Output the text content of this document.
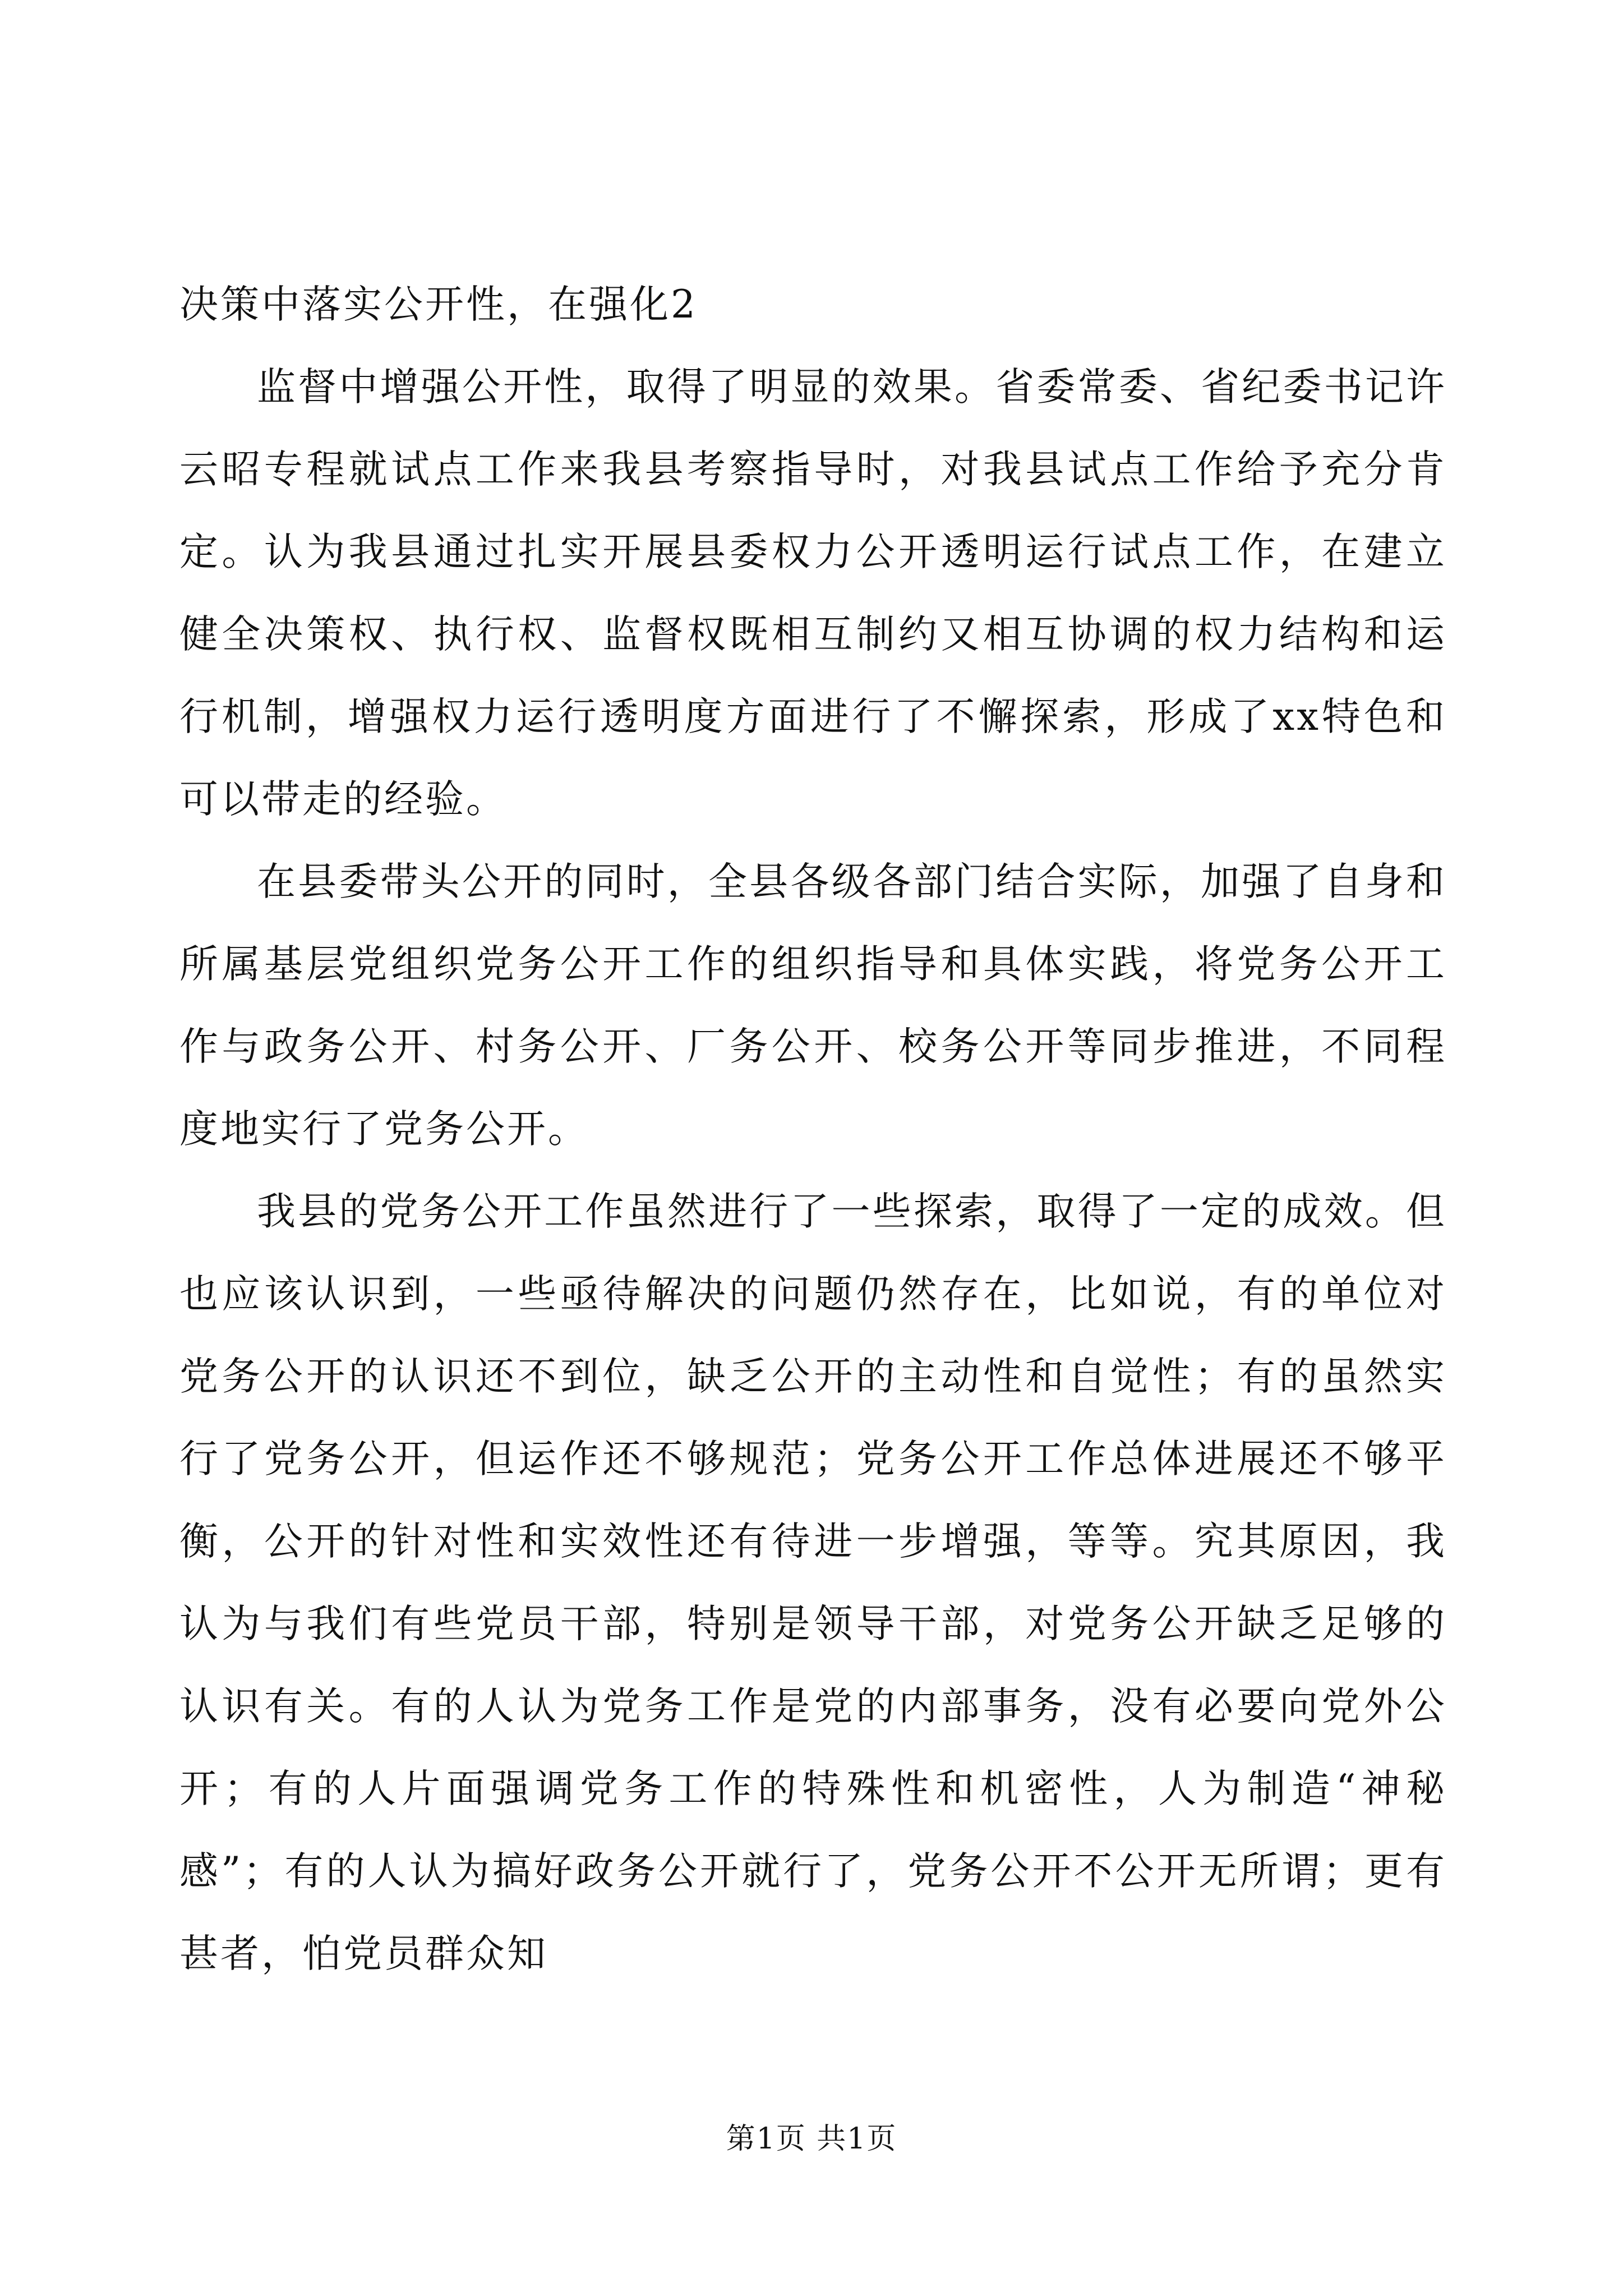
决策中落实公开性，在强化2

监督中增强公开性，取得了明显的效果。省委常委、省纪委书记许云昭专程就试点工作来我县考察指导时，对我县试点工作给予充分肯定。认为我县通过扎实开展县委权力公开透明运行试点工作，在建立健全决策权、执行权、监督权既相互制约又相互协调的权力结构和运行机制，增强权力运行透明度方面进行了不懈探索，形成了xx特色和可以带走的经验。

在县委带头公开的同时，全县各级各部门结合实际，加强了自身和所属基层党组织党务公开工作的组织指导和具体实践，将党务公开工作与政务公开、村务公开、厂务公开、校务公开等同步推进，不同程度地实行了党务公开。

我县的党务公开工作虽然进行了一些探索，取得了一定的成效。但也应该认识到，一些亟待解决的问题仍然存在，比如说，有的单位对党务公开的认识还不到位，缺乏公开的主动性和自觉性；有的虽然实行了党务公开，但运作还不够规范；党务公开工作总体进展还不够平衡，公开的针对性和实效性还有待进一步增强，等等。究其原因，我认为与我们有些党员干部，特别是领导干部，对党务公开缺乏足够的认识有关。有的人认为党务工作是党的内部事务，没有必要向党外公开；有的人片面强调党务工作的特殊性和机密性，人为制造“神秘感”；有的人认为搞好政务公开就行了，党务公开不公开无所谓；更有甚者，怕党员群众知

第1页 共1页
